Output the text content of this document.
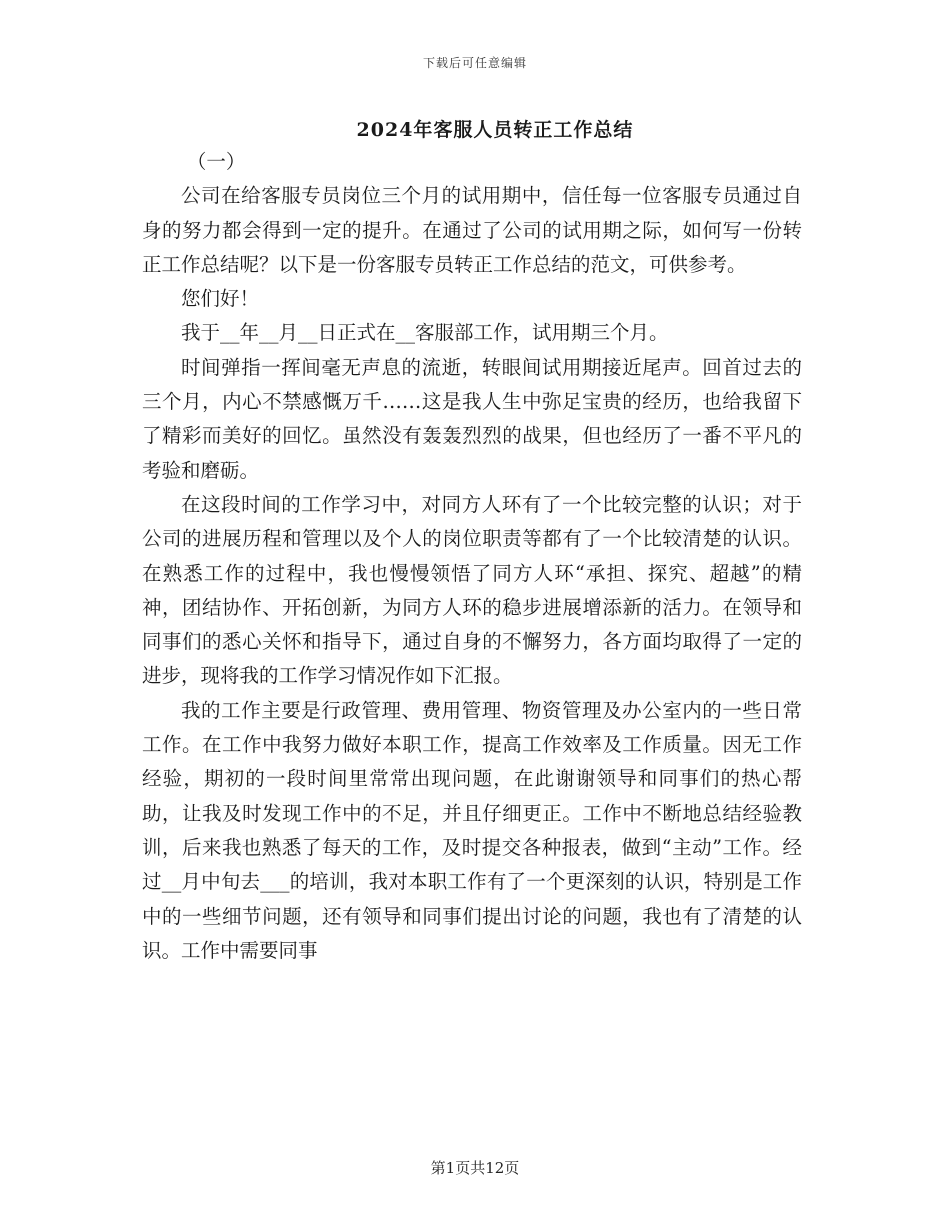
下载后可任意编辑
2024年客服人员转正工作总结

（一）

公司在给客服专员岗位三个月的试用期中，信任每一位客服专员通过自身的努力都会得到一定的提升。在通过了公司的试用期之际，如何写一份转正工作总结呢？以下是一份客服专员转正工作总结的范文，可供参考。

您们好！

我于__年__月__日正式在__客服部工作，试用期三个月。

时间弹指一挥间毫无声息的流逝，转眼间试用期接近尾声。回首过去的三个月，内心不禁感慨万千……这是我人生中弥足宝贵的经历，也给我留下了精彩而美好的回忆。虽然没有轰轰烈烈的战果，但也经历了一番不平凡的考验和磨砺。

在这段时间的工作学习中，对同方人环有了一个比较完整的认识；对于公司的进展历程和管理以及个人的岗位职责等都有了一个比较清楚的认识。在熟悉工作的过程中，我也慢慢领悟了同方人环“承担、探究、超越”的精神，团结协作、开拓创新，为同方人环的稳步进展增添新的活力。在领导和同事们的悉心关怀和指导下，通过自身的不懈努力，各方面均取得了一定的进步，现将我的工作学习情况作如下汇报。

我的工作主要是行政管理、费用管理、物资管理及办公室内的一些日常工作。在工作中我努力做好本职工作，提高工作效率及工作质量。因无工作经验，期初的一段时间里常常出现问题，在此谢谢领导和同事们的热心帮助，让我及时发现工作中的不足，并且仔细更正。工作中不断地总结经验教训，后来我也熟悉了每天的工作，及时提交各种报表，做到“主动”工作。经过__月中旬去___的培训，我对本职工作有了一个更深刻的认识，特别是工作中的一些细节问题，还有领导和同事们提出讨论的问题，我也有了清楚的认识。工作中需要同事

第1页共12页
